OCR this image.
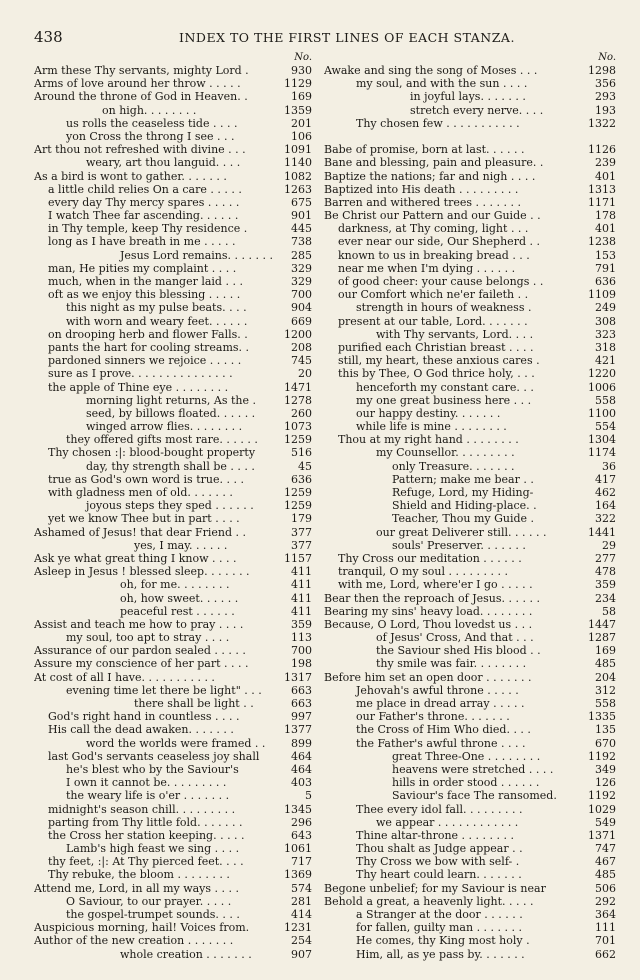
438	INDEX TO THE FIRST LINES OF EACH STANZA.
No.
Arm these Thy servants, mighty Lord .	930
Arms of love around her throw . . . . .	1129
Around the throne of God in Heaven. .	169
on high. . . . . . . .	1359
us rolls the ceaseless tide . . . .	201
yon Cross the throng I see . . .	106
Art thou not refreshed with divine . . .	1091
weary, art thou languid. . . .	1140
As a bird is wont to gather. . . . . . .	1082
a little child relies On a care . . . . .	1263
every day Thy mercy spares . . . . .	675
I watch Thee far ascending. . . . . .	901
in Thy temple, keep Thy residence .	445
long as I have breath in me . . . . .	738
Jesus Lord remains. . . . . . .	285
man, He pities my complaint . . . .	329
much, when in the manger laid . . .	329
oft as we enjoy this blessing . . . . .	700
this night as my pulse beats. . . .	904
with worn and weary feet. . . . . .	669
on drooping herb and flower Falls. .	1200
pants the hart for cooling streams. .	208
pardoned sinners we rejoice . . . . .	745
sure as I prove. . . . . . . . . . . . . . .	20
the apple of Thine eye . . . . . . . .	1471
morning light returns, As the .	1278
seed, by billows floated. . . . . .	260
winged arrow flies. . . . . . . .	1073
they offered gifts most rare. . . . . .	1259
Thy chosen :|: blood-bought property	516
day, thy strength shall be . . . .	45
true as God's own word is true. . . .	636
with gladness men of old. . . . . . .	1259
joyous steps they sped . . . . . .	1259
yet we know Thee but in part . . . .	179
Ashamed of Jesus! that dear Friend . .	377
yes, I may. . . . . .	377
Ask ye what great thing I know . . . .	1157
Asleep in Jesus ! blessed sleep. . . . . . .	411
oh, for me. . . . . . . .	411
oh, how sweet. . . . . .	411
peaceful rest . . . . . .	411
Assist and teach me how to pray . . . .	359
my soul, too apt to stray . . . .	113
Assurance of our pardon sealed . . . . .	700
Assure my conscience of her part . . . .	198
At cost of all I have. . . . . . . . . . .	1317
evening time let there be light" . . .	663
there shall be light . .	663
God's right hand in countless . . . .	997
His call the dead awaken. . . . . . .	1377
word the worlds were framed . .	899
last God's servants ceaseless joy shall	464
he's blest who by the Saviour's	464
I own it cannot be. . . . . . . . .	403
the weary life is o'er . . . . . . .	5
midnight's season chill. . . . . . . . .	1345
parting from Thy little fold. . . . . . .	296
the Cross her station keeping. . . . .	643
Lamb's high feast we sing . . . .	1061
thy feet, :|: At Thy pierced feet. . . .	717
Thy rebuke, the bloom . . . . . . . .	1369
Attend me, Lord, in all my ways . . . .	574
O Saviour, to our prayer. . . . .	281
the gospel-trumpet sounds. . . .	414
Auspicious morning, hail! Voices from.	1231
Author of the new creation . . . . . . .	254
whole creation . . . . . . .	907
No.
Awake and sing the song of Moses . . .	1298
my soul, and with the sun . . . .	356
in joyful lays. . . . . . .	293
stretch every nerve. . . .	193
Thy chosen few . . . . . . . . . . .	1322
Babe of promise, born at last. . . . . .	1126
Bane and blessing, pain and pleasure. .	239
Baptize the nations; far and nigh . . . .	401
Baptized into His death . . . . . . . . .	1313
Barren and withered trees . . . . . . .	1171
Be Christ our Pattern and our Guide . .	178
darkness, at Thy coming, light . . .	401
ever near our side, Our Shepherd . .	1238
known to us in breaking bread . . .	153
near me when I'm dying . . . . . .	791
of good cheer: your cause belongs . .	636
our Comfort which ne'er faileth . .	1109
strength in hours of weakness .	249
present at our table, Lord. . . . . . .	308
with Thy servants, Lord. . . .	323
purified each Christian breast . . . .	318
still, my heart, these anxious cares .	421
this by Thee, O God thrice holy, . . .	1220
henceforth my constant care. . .	1006
my one great business here . . .	558
our happy destiny. . . . . . .	1100
while life is mine . . . . . . . .	554
Thou at my right hand . . . . . . . .	1304
my Counsellor. . . . . . . . .	1174
only Treasure. . . . . . .	36
Pattern; make me bear . .	417
Refuge, Lord, my Hiding-	462
Shield and Hiding-place. .	164
Teacher, Thou my Guide .	322
our great Deliverer still. . . . . .	1441
souls' Preserver. . . . . . .	29
Thy Cross our meditation . . . . . .	277
tranquil, O my soul . . . . . . . . .	478
with me, Lord, where'er I go . . . . .	359
Bear then the reproach of Jesus. . . . . .	234
Bearing my sins' heavy load. . . . . . . .	58
Because, O Lord, Thou lovedst us . . .	1447
of Jesus' Cross, And that . . .	1287
the Saviour shed His blood . .	169
thy smile was fair. . . . . . . .	485
Before him set an open door . . . . . . .	204
Jehovah's awful throne . . . . .	312
me place in dread array . . . . .	558
our Father's throne. . . . . . .	1335
the Cross of Him Who died. . . .	135
the Father's awful throne . . . .	670
great Three-One . . . . . . . .	1192
heavens were stretched . . . .	349
hills in order stood . . . . . .	126
Saviour's face The ransomed.	1192
Thee every idol fall. . . . . . . . .	1029
we appear . . . . . . . . . . . .	549
Thine altar-throne . . . . . . . .	1371
Thou shalt as Judge appear . .	747
Thy Cross we bow with self- .	467
Thy heart could learn. . . . . . .	485
Begone unbelief; for my Saviour is near	506
Behold a great, a heavenly light. . . . .	292
a Stranger at the door . . . . . .	364
for fallen, guilty man . . . . . . .	111
He comes, thy King most holy .	701
Him, all, as ye pass by. . . . . . .	662
